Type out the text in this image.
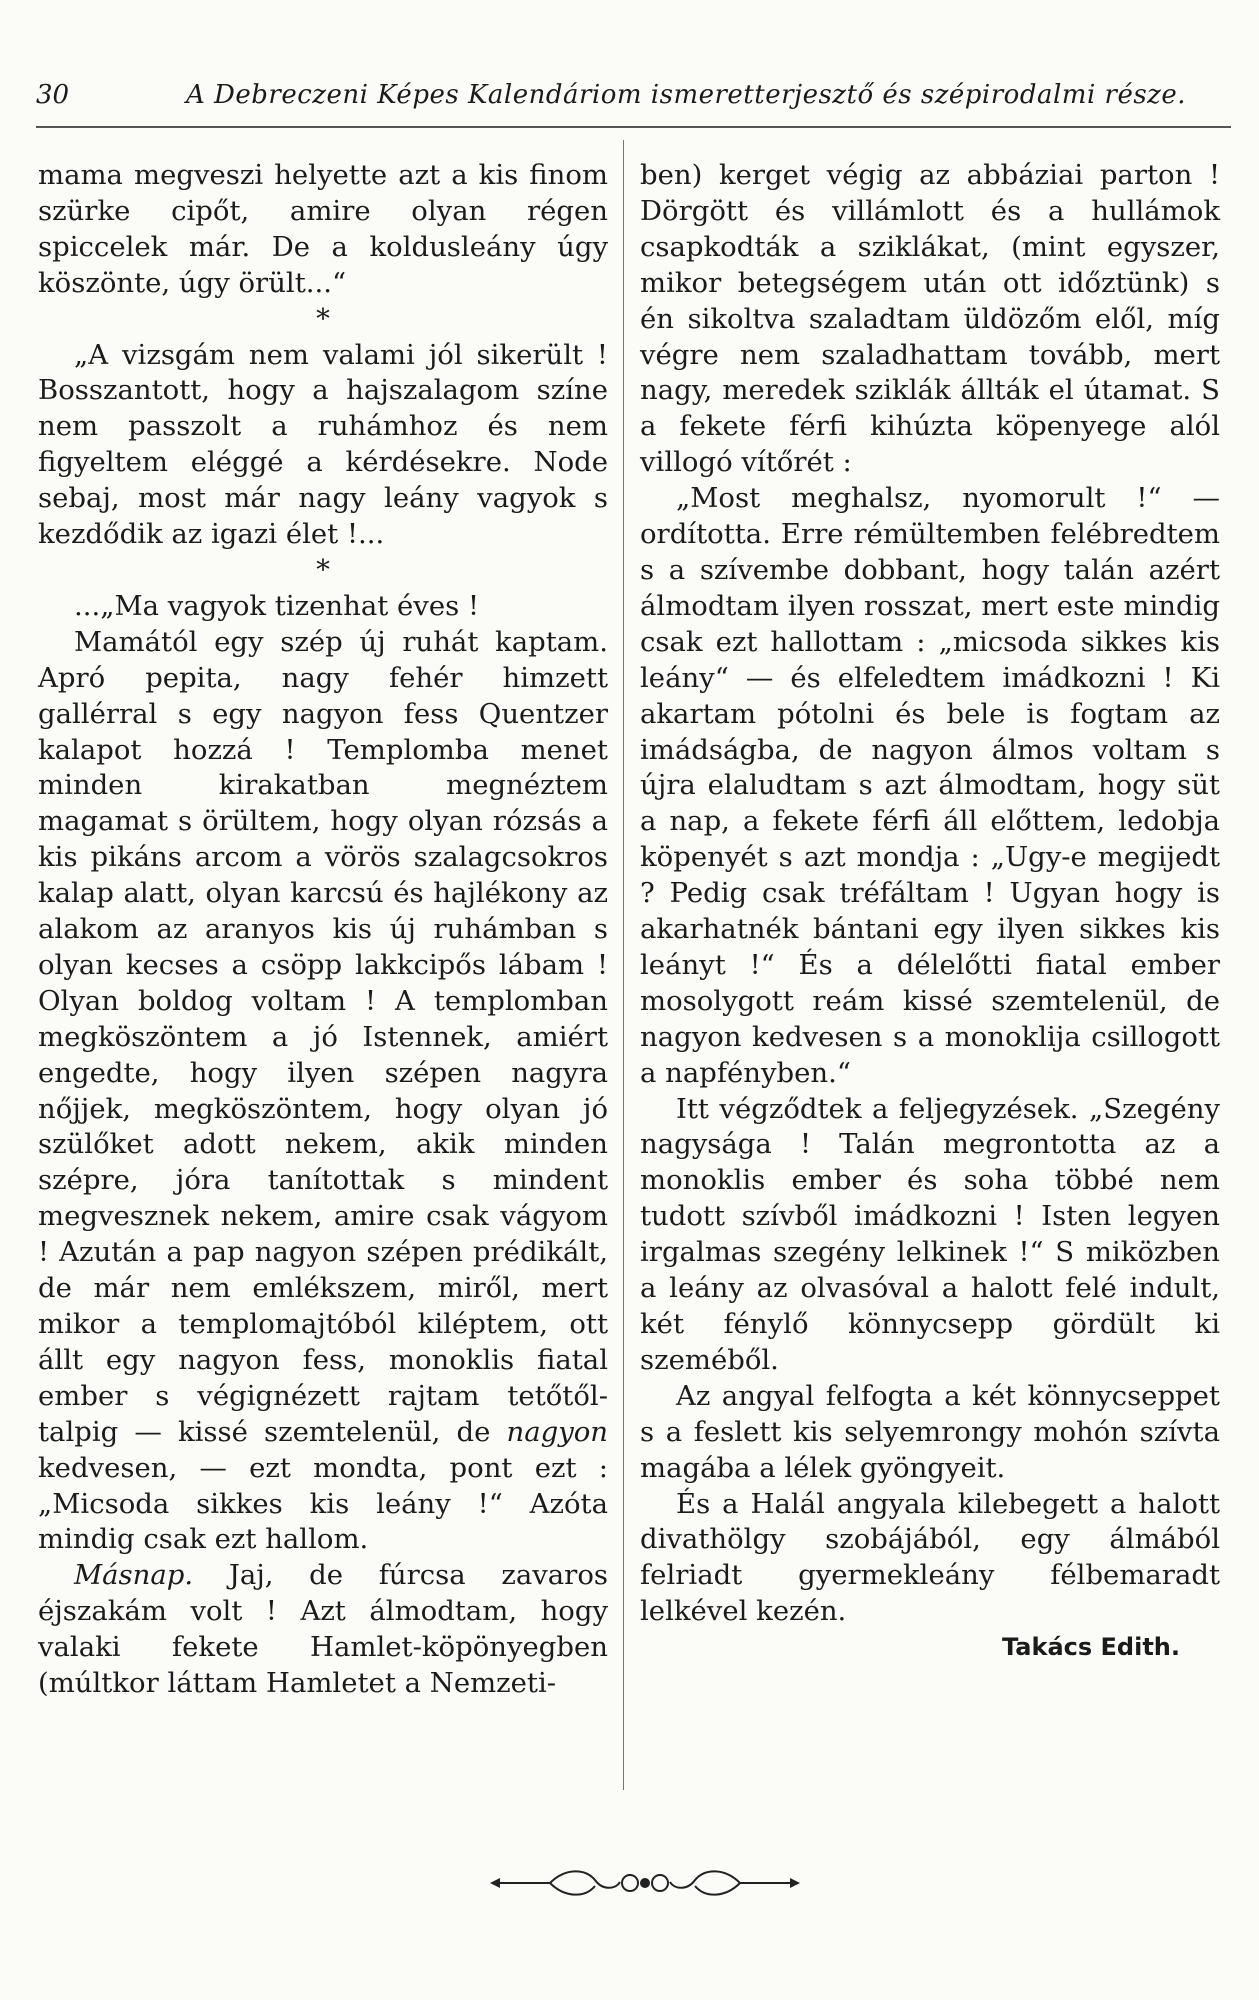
30	A Debreczeni Képes Kalendáriom ismeretterjesztő és szépirodalmi része.

mama megveszi helyette azt a kis finom szürke cipőt, amire olyan régen spiccelek már. De a koldusleány úgy köszönte, úgy örült...“

*

„A vizsgám nem valami jól sikerült ! Bosszantott, hogy a hajszalagom színe nem passzolt a ruhámhoz és nem figyeltem eléggé a kérdésekre. Node sebaj, most már nagy leány vagyok s kezdődik az igazi élet !...

*

...„Ma vagyok tizenhat éves !

Mamától egy szép új ruhát kaptam. Apró pepita, nagy fehér himzett gallérral s egy nagyon fess Quentzer kalapot hozzá ! Templomba menet minden kirakatban megnéztem magamat s örültem, hogy olyan rózsás a kis pikáns arcom a vörös szalagcsokros kalap alatt, olyan karcsú és hajlékony az alakom az aranyos kis új ruhámban s olyan kecses a csöpp lakkcipős lábam ! Olyan boldog voltam ! A templomban megköszöntem a jó Istennek, amiért engedte, hogy ilyen szépen nagyra nőjjek, megköszöntem, hogy olyan jó szülőket adott nekem, akik minden szépre, jóra tanítottak s mindent megvesznek nekem, amire csak vágyom ! Azután a pap nagyon szépen prédikált, de már nem emlékszem, miről, mert mikor a templomajtóból kiléptem, ott állt egy nagyon fess, monoklis fiatal ember s végignézett rajtam tetőtől-talpig — kissé szemtelenül, de nagyon kedvesen, — ezt mondta, pont ezt : „Micsoda sikkes kis leány !“ Azóta mindig csak ezt hallom.

Másnap. Jaj, de fúrcsa zavaros éjszakám volt ! Azt álmodtam, hogy valaki fekete Hamlet-köpönyegben (múltkor láttam Hamletet a Nemzeti-

ben) kerget végig az abbáziai parton ! Dörgött és villámlott és a hullámok csapkodták a sziklákat, (mint egyszer, mikor betegségem után ott időztünk) s én sikoltva szaladtam üldözőm elől, míg végre nem szaladhattam tovább, mert nagy, meredek sziklák állták el útamat. S a fekete férfi kihúzta köpenyege alól villogó vítőrét :

„Most meghalsz, nyomorult !“ — ordította. Erre rémültemben felébredtem s a szívembe dobbant, hogy talán azért álmodtam ilyen rosszat, mert este mindig csak ezt hallottam : „micsoda sikkes kis leány“ — és elfeledtem imádkozni ! Ki akartam pótolni és bele is fogtam az imádságba, de nagyon álmos voltam s újra elaludtam s azt álmodtam, hogy süt a nap, a fekete férfi áll előttem, ledobja köpenyét s azt mondja : „Ugy-e megijedt ? Pedig csak tréfáltam ! Ugyan hogy is akarhatnék bántani egy ilyen sikkes kis leányt !“ És a délelőtti fiatal ember mosolygott reám kissé szemtelenül, de nagyon kedvesen s a monoklija csillogott a napfényben.“

Itt végződtek a feljegyzések. „Szegény nagysága ! Talán megrontotta az a monoklis ember és soha többé nem tudott szívből imádkozni ! Isten legyen irgalmas szegény lelkinek !“ S miközben a leány az olvasóval a halott felé indult, két fénylő könnycsepp gördült ki szeméből.

Az angyal felfogta a két könnycseppet s a feslett kis selyemrongy mohón szívta magába a lélek gyöngyeit.

És a Halál angyala kilebegett a halott divathölgy szobájából, egy álmából felriadt gyermekleány félbemaradt lelkével kezén.

Takács Edith.
